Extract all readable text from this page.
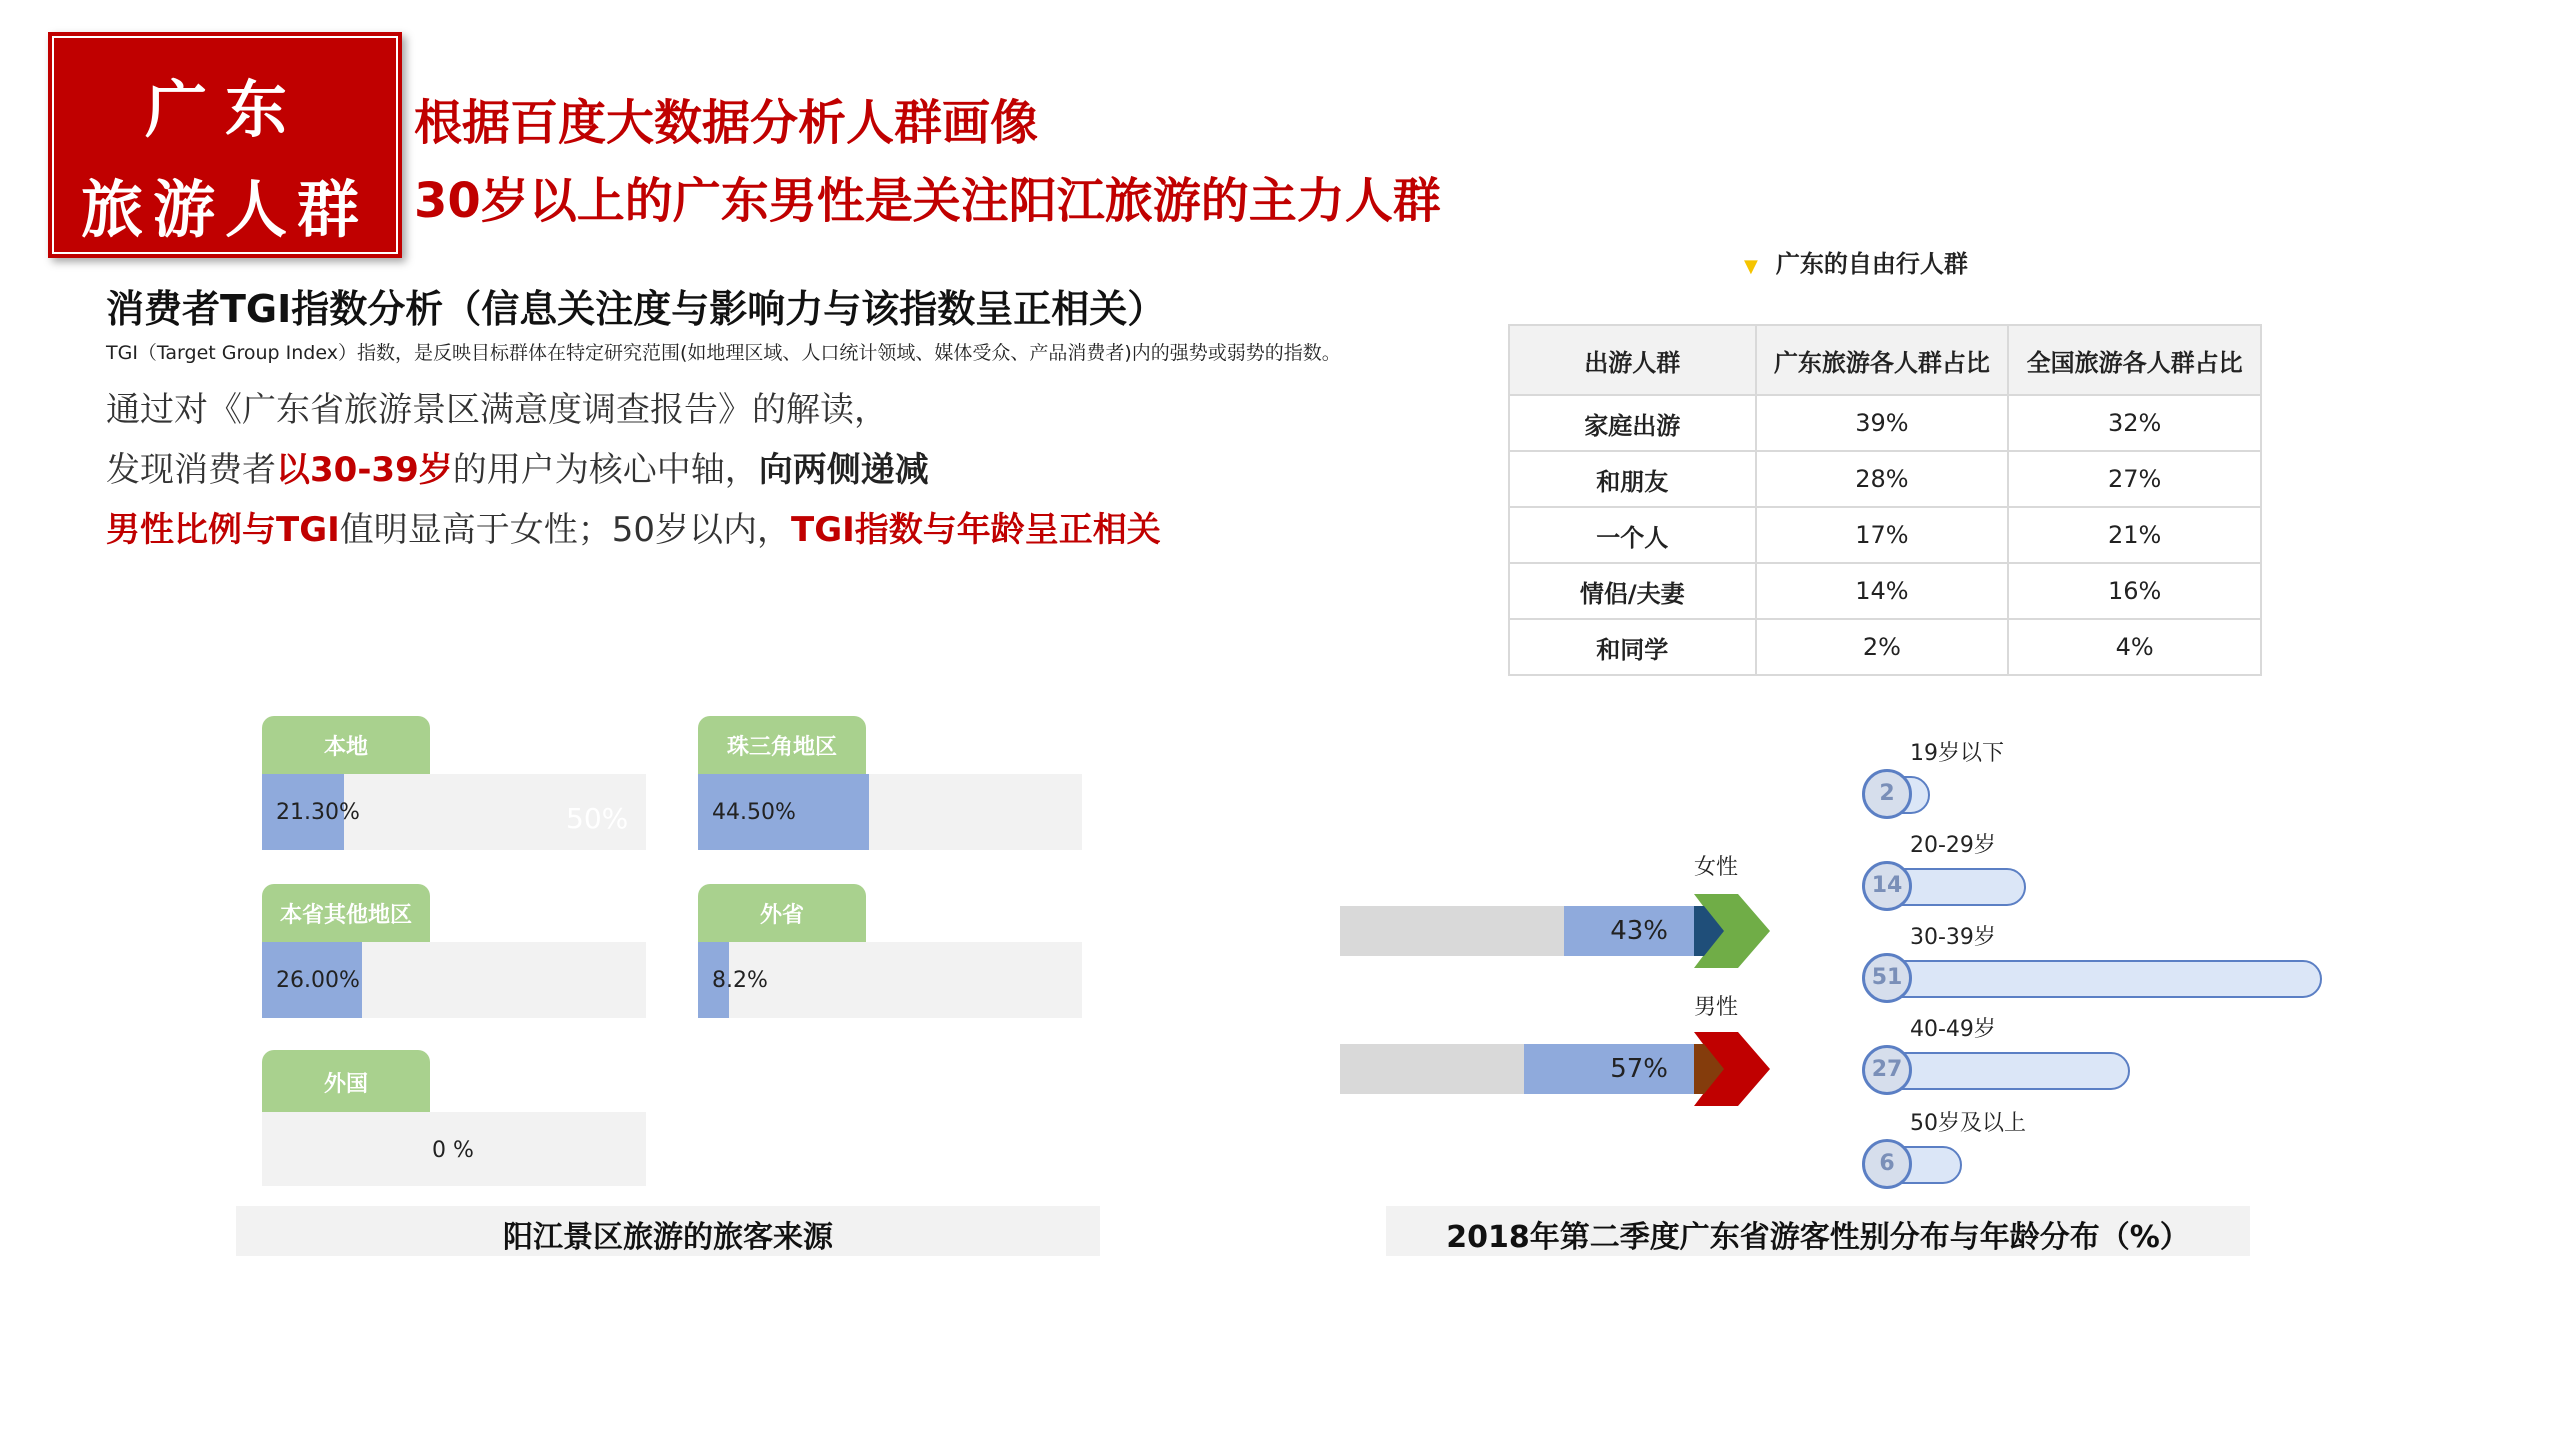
广东
旅游人群
根据百度大数据分析人群画像
30岁以上的广东男性是关注阳江旅游的主力人群
消费者TGI指数分析（信息关注度与影响力与该指数呈正相关）
TGI（Target Group Index）指数，是反映目标群体在特定研究范围(如地理区域、人口统计领域、媒体受众、产品消费者)内的强势或弱势的指数。
通过对《广东省旅游景区满意度调查报告》的解读，
发现消费者以30-39岁的用户为核心中轴，向两侧递减
男性比例与TGI值明显高于女性；50岁以内，TGI指数与年龄呈正相关
▼ 广东的自由行人群
出游人群	广东旅游各人群占比	全国旅游各人群占比
家庭出游	39%	32%
和朋友	28%	27%
一个人	17%	21%
情侣/夫妻	14%	16%
和同学	2%	4%
本地
21.30%	50%
珠三角地区
44.50%
本省其他地区
26.00%
外省
8.2%
外国
0 %
阳江景区旅游的旅客来源
女性
43%
男性
57%
19岁以下
2
20-29岁
14
30-39岁
51
40-49岁
27
50岁及以上
6
2018年第二季度广东省游客性别分布与年龄分布（%）
